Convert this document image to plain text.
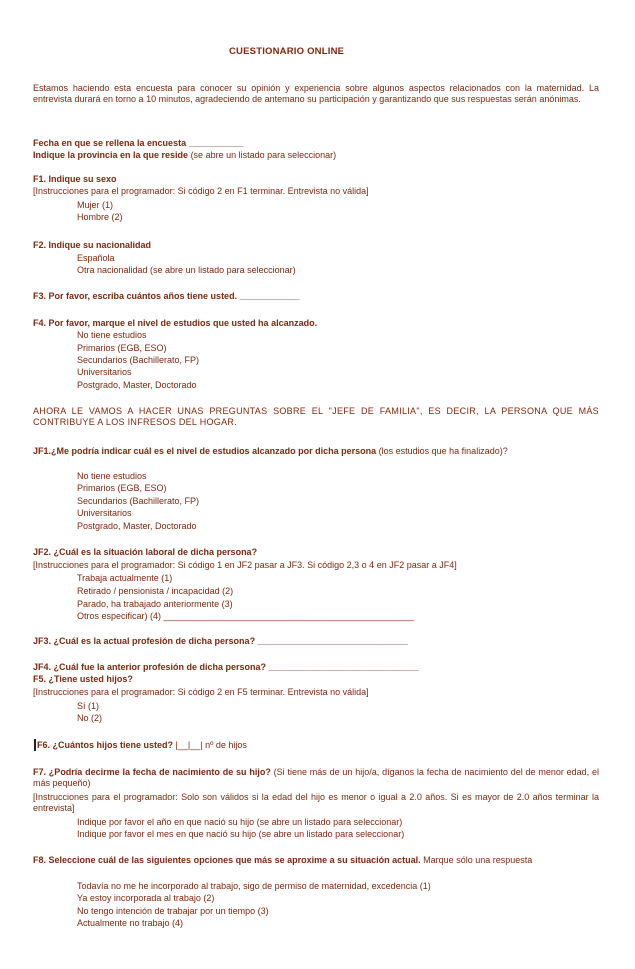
CUESTIONARIO ONLINE
Estamos haciendo esta encuesta para conocer su opinión y experiencia sobre algunos aspectos relacionados con la maternidad. La entrevista durará en torno a 10 minutos, agradeciendo de antemano su participación y garantizando que sus respuestas serán anónimas.
Fecha en que se rellena la encuesta ___________
Indique la provincia en la que reside (se abre un listado para seleccionar)
F1. Indique su sexo
[Instrucciones para el programador: Si código 2 en F1 terminar. Entrevista no válida]
Mujer (1)
Hombre (2)
F2. Indique su nacionalidad
Española
Otra nacionalidad (se abre un listado para seleccionar)
F3. Por favor, escriba cuántos años tiene usted. ____________
F4. Por favor, marque el nivel de estudios que usted ha alcanzado.
No tiene estudios
Primarios (EGB, ESO)
Secundarios (Bachillerato, FP)
Universitarios
Postgrado, Master, Doctorado
AHORA LE VAMOS A HACER UNAS PREGUNTAS SOBRE EL "JEFE DE FAMILIA", ES DECIR, LA PERSONA QUE MÁS CONTRIBUYE A LOS INFRESOS DEL HOGAR.
JF1.¿Me podría indicar cuál es el nivel de estudios alcanzado por dicha persona (los estudios que ha finalizado)?
No tiene estudios
Primarios (EGB, ESO)
Secundarios (Bachillerato, FP)
Universitarios
Postgrado, Master, Doctorado
JF2. ¿Cuál es la situación laboral de dicha persona?
[Instrucciones para el programador: Si código 1 en JF2 pasar a JF3. Si código 2,3 o 4 en JF2 pasar a JF4]
Trabaja actualmente (1)
Retirado / pensionista / incapacidad (2)
Parado, ha trabajado anteriormente (3)
Otros especificar) (4) __________________________________________________
JF3. ¿Cuál es la actual profesión de dicha persona? ______________________________
JF4. ¿Cuál fue la anterior profesión de dicha persona? ______________________________
F5. ¿Tiene usted hijos?
[Instrucciones para el programador: Si código 2 en F5 terminar. Entrevista no válida]
Sí (1)
No (2)
F6. ¿Cuántos hijos tiene usted? |__|__| nº de hijos
F7. ¿Podría decirme la fecha de nacimiento de su hijo? (Si tiene más de un hijo/a, díganos la fecha de nacimiento del de menor edad, el más pequeño)
[Instrucciones para el programador: Solo son válidos si la edad del hijo es menor o igual a 2.0 años. Si es mayor de 2.0 años terminar la entrevista]
Indique por favor el año en que nació su hijo (se abre un listado para seleccionar)
Indique por favor el mes en que nació su hijo (se abre un listado para seleccionar)
F8. Seleccione cuál de las siguientes opciones que más se aproxime a su situación actual. Marque sólo una respuesta
Todavía no me he incorporado al trabajo, sigo de permiso de maternidad, excedencia (1)
Ya estoy incorporada al trabajo (2)
No tengo intención de trabajar por un tiempo (3)
Actualmente no trabajo (4)
